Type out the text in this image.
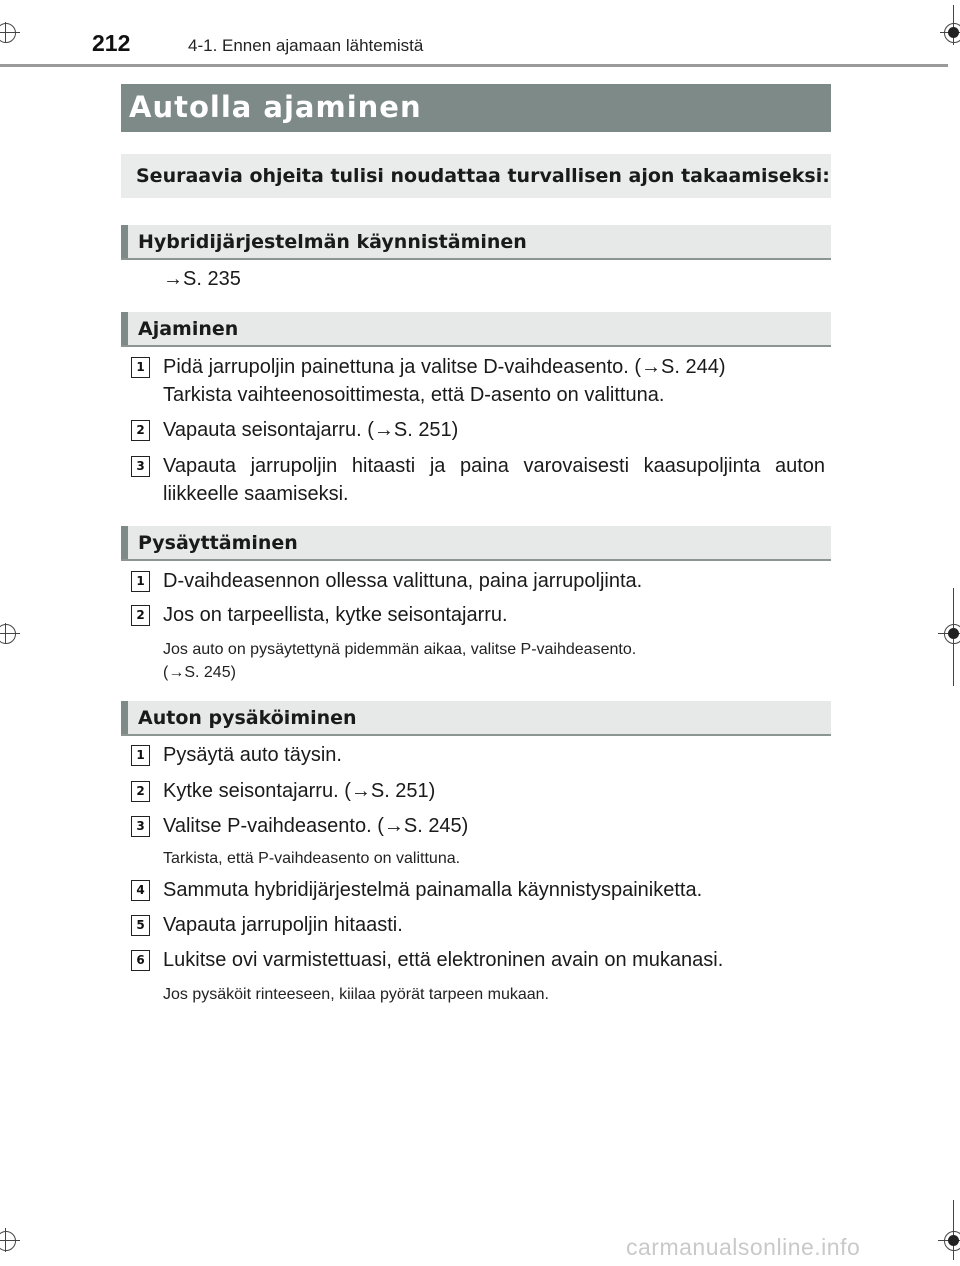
212	4-1. Ennen ajamaan lähtemistä
Autolla ajaminen
Seuraavia ohjeita tulisi noudattaa turvallisen ajon takaamiseksi:
Hybridijärjestelmän käynnistäminen
→S. 235
Ajaminen
1 Pidä jarrupoljin painettuna ja valitse D-vaihdeasento. (→S. 244)
Tarkista vaihteenosoittimesta, että D-asento on valittuna.
2 Vapauta seisontajarru. (→S. 251)
3 Vapauta jarrupoljin hitaasti ja paina varovaisesti kaasupoljinta auton
liikkeelle saamiseksi.
Pysäyttäminen
1 D-vaihdeasennon ollessa valittuna, paina jarrupoljinta.
2 Jos on tarpeellista, kytke seisontajarru.
Jos auto on pysäytettynä pidemmän aikaa, valitse P-vaihdeasento.
(→S. 245)
Auton pysäköiminen
1 Pysäytä auto täysin.
2 Kytke seisontajarru. (→S. 251)
3 Valitse P-vaihdeasento. (→S. 245)
Tarkista, että P-vaihdeasento on valittuna.
4 Sammuta hybridijärjestelmä painamalla käynnistyspainiketta.
5 Vapauta jarrupoljin hitaasti.
6 Lukitse ovi varmistettuasi, että elektroninen avain on mukanasi.
Jos pysäköit rinteeseen, kiilaa pyörät tarpeen mukaan.
carmanualsonline.info
